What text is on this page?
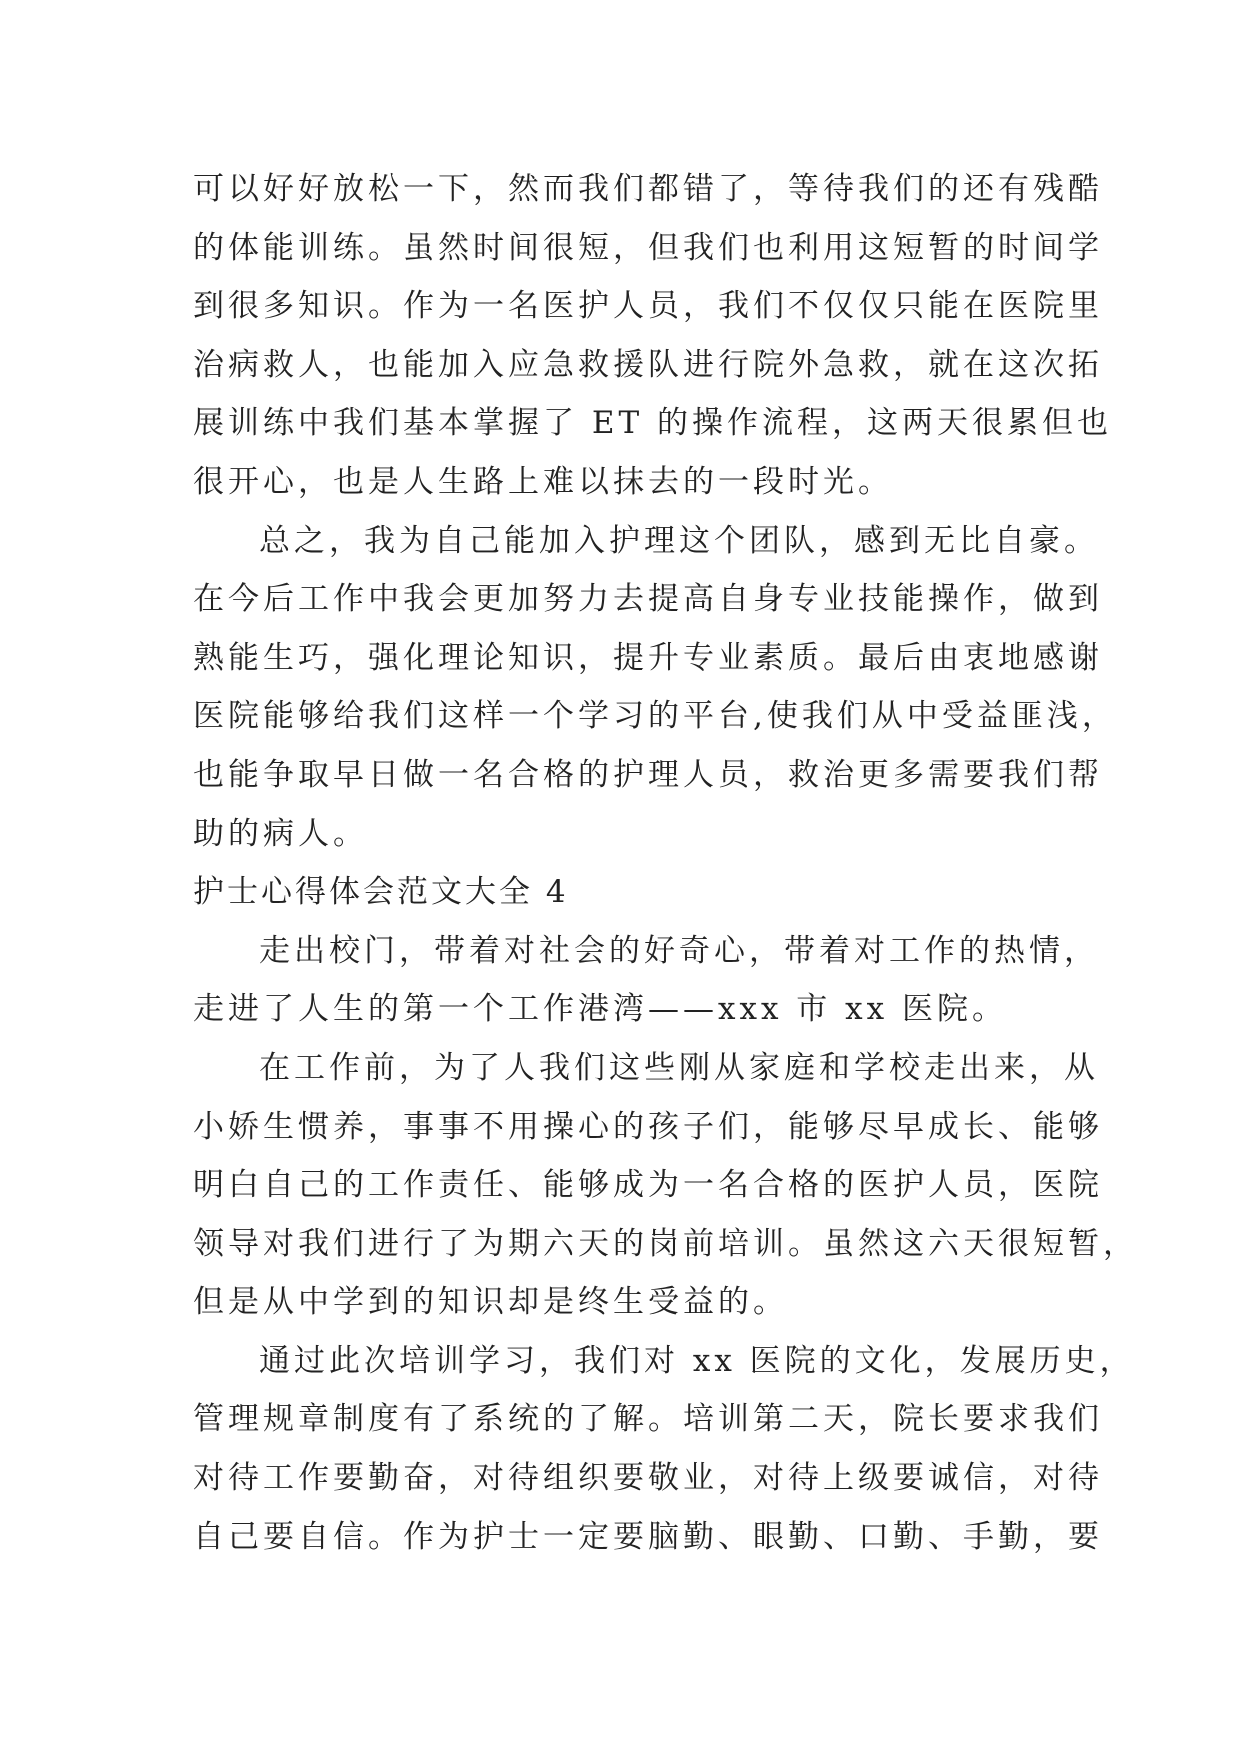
可以好好放松一下，然而我们都错了，等待我们的还有残酷
的体能训练。虽然时间很短，但我们也利用这短暂的时间学
到很多知识。作为一名医护人员，我们不仅仅只能在医院里
治病救人，也能加入应急救援队进行院外急救，就在这次拓
展训练中我们基本掌握了 ET 的操作流程，这两天很累但也
很开心，也是人生路上难以抹去的一段时光。
总之，我为自己能加入护理这个团队，感到无比自豪。
在今后工作中我会更加努力去提高自身专业技能操作，做到
熟能生巧，强化理论知识，提升专业素质。最后由衷地感谢
医院能够给我们这样一个学习的平台,使我们从中受益匪浅，
也能争取早日做一名合格的护理人员，救治更多需要我们帮
助的病人。
护士心得体会范文大全 4
走出校门，带着对社会的好奇心，带着对工作的热情，
走进了人生的第一个工作港湾——xxx 市 xx 医院。
在工作前，为了人我们这些刚从家庭和学校走出来，从
小娇生惯养，事事不用操心的孩子们，能够尽早成长、能够
明白自己的工作责任、能够成为一名合格的医护人员，医院
领导对我们进行了为期六天的岗前培训。虽然这六天很短暂，
但是从中学到的知识却是终生受益的。
通过此次培训学习，我们对 xx 医院的文化，发展历史，
管理规章制度有了系统的了解。培训第二天，院长要求我们
对待工作要勤奋，对待组织要敬业，对待上级要诚信，对待
自己要自信。作为护士一定要脑勤、眼勤、口勤、手勤，要
